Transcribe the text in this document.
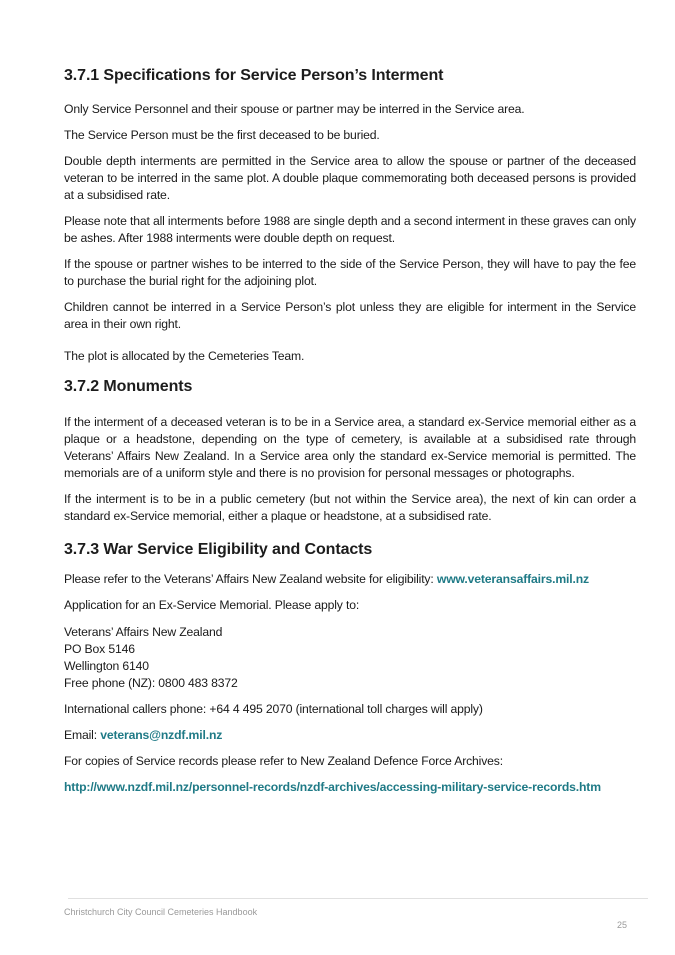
3.7.1 Specifications for Service Person’s Interment

Only Service Personnel and their spouse or partner may be interred in the Service area.

The Service Person must be the first deceased to be buried.

Double depth interments are permitted in the Service area to allow the spouse or partner of the deceased veteran to be interred in the same plot. A double plaque commemorating both deceased persons is provided at a subsidised rate.

Please note that all interments before 1988 are single depth and a second interment in these graves can only be ashes. After 1988 interments were double depth on request.

If the spouse or partner wishes to be interred to the side of the Service Person, they will have to pay the fee to purchase the burial right for the adjoining plot.

Children cannot be interred in a Service Person’s plot unless they are eligible for interment in the Service area in their own right.

The plot is allocated by the Cemeteries Team.

3.7.2 Monuments

If the interment of a deceased veteran is to be in a Service area, a standard ex-Service memorial either as a plaque or a headstone, depending on the type of cemetery, is available at a subsidised rate through Veterans’ Affairs New Zealand. In a Service area only the standard ex-Service memorial is permitted. The memorials are of a uniform style and there is no provision for personal messages or photographs.

If the interment is to be in a public cemetery (but not within the Service area), the next of kin can order a standard ex-Service memorial, either a plaque or headstone, at a subsidised rate.

3.7.3 War Service Eligibility and Contacts

Please refer to the Veterans’ Affairs New Zealand website for eligibility: www.veteransaffairs.mil.nz

Application for an Ex-Service Memorial. Please apply to:

Veterans’ Affairs New Zealand

PO Box 5146

Wellington 6140

Free phone (NZ): 0800 483 8372

International callers phone: +64 4 495 2070 (international toll charges will apply)

Email: veterans@nzdf.mil.nz

For copies of Service records please refer to New Zealand Defence Force Archives:

http://www.nzdf.mil.nz/personnel-records/nzdf-archives/accessing-military-service-records.htm

Christchurch City Council Cemeteries Handbook
25
